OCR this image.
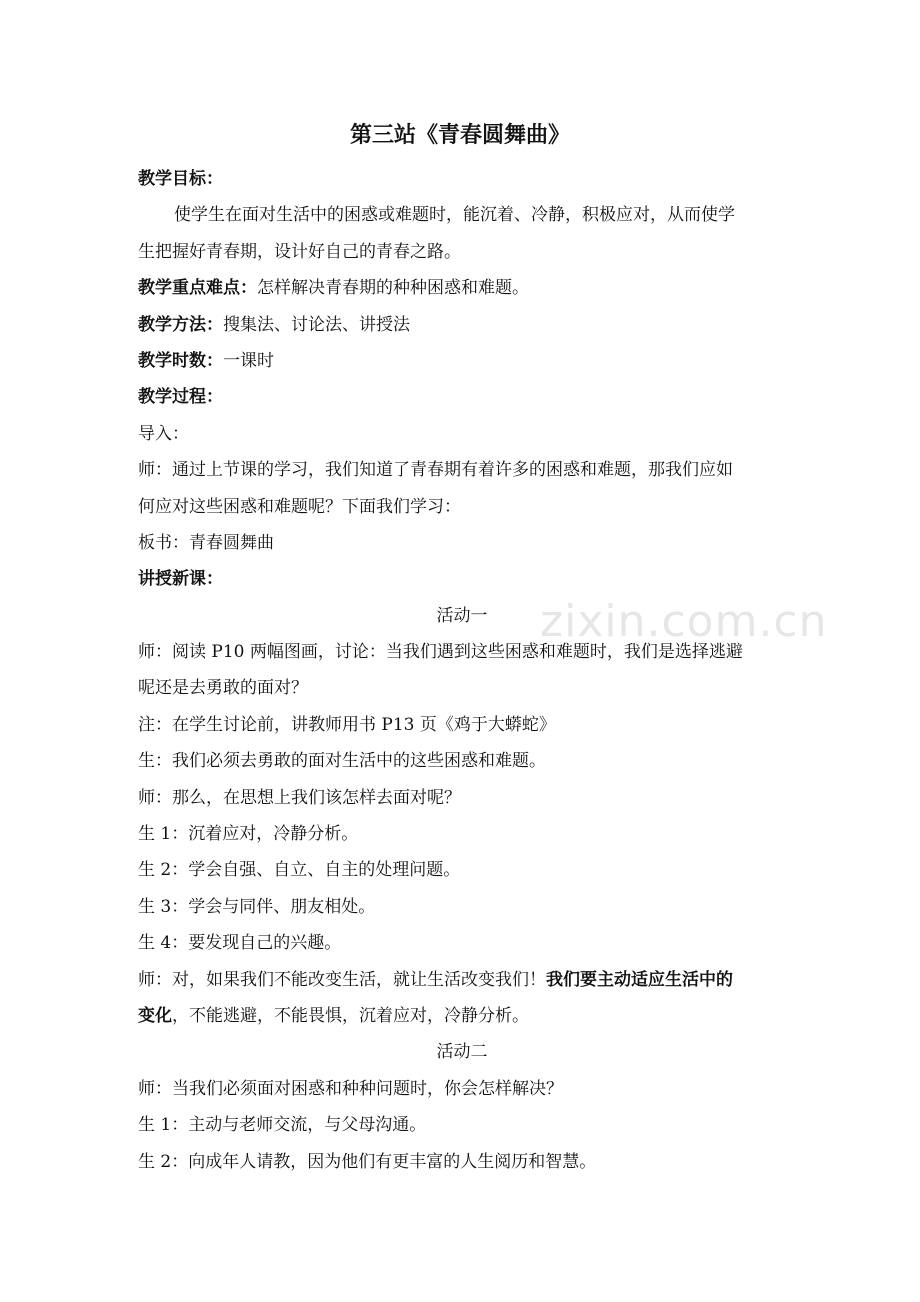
第三站《青春圆舞曲》
教学目标：
使学生在面对生活中的困惑或难题时，能沉着、冷静，积极应对，从而使学
生把握好青春期，设计好自己的青春之路。
教学重点难点：怎样解决青春期的种种困惑和难题。
教学方法：搜集法、讨论法、讲授法
教学时数：一课时
教学过程：
导入：
师：通过上节课的学习，我们知道了青春期有着许多的困惑和难题，那我们应如
何应对这些困惑和难题呢？下面我们学习：
板书：青春圆舞曲
讲授新课：
活动一
师：阅读 P10 两幅图画，讨论：当我们遇到这些困惑和难题时，我们是选择逃避
呢还是去勇敢的面对？
注：在学生讨论前，讲教师用书 P13 页《鸡于大蟒蛇》
生：我们必须去勇敢的面对生活中的这些困惑和难题。
师：那么，在思想上我们该怎样去面对呢？
生 1：沉着应对，冷静分析。
生 2：学会自强、自立、自主的处理问题。
生 3：学会与同伴、朋友相处。
生 4：要发现自己的兴趣。
师：对，如果我们不能改变生活，就让生活改变我们！我们要主动适应生活中的
变化，不能逃避，不能畏惧，沉着应对，冷静分析。
活动二
师：当我们必须面对困惑和种种问题时，你会怎样解决？
生 1：主动与老师交流，与父母沟通。
生 2：向成年人请教，因为他们有更丰富的人生阅历和智慧。
zixin.com.cn
